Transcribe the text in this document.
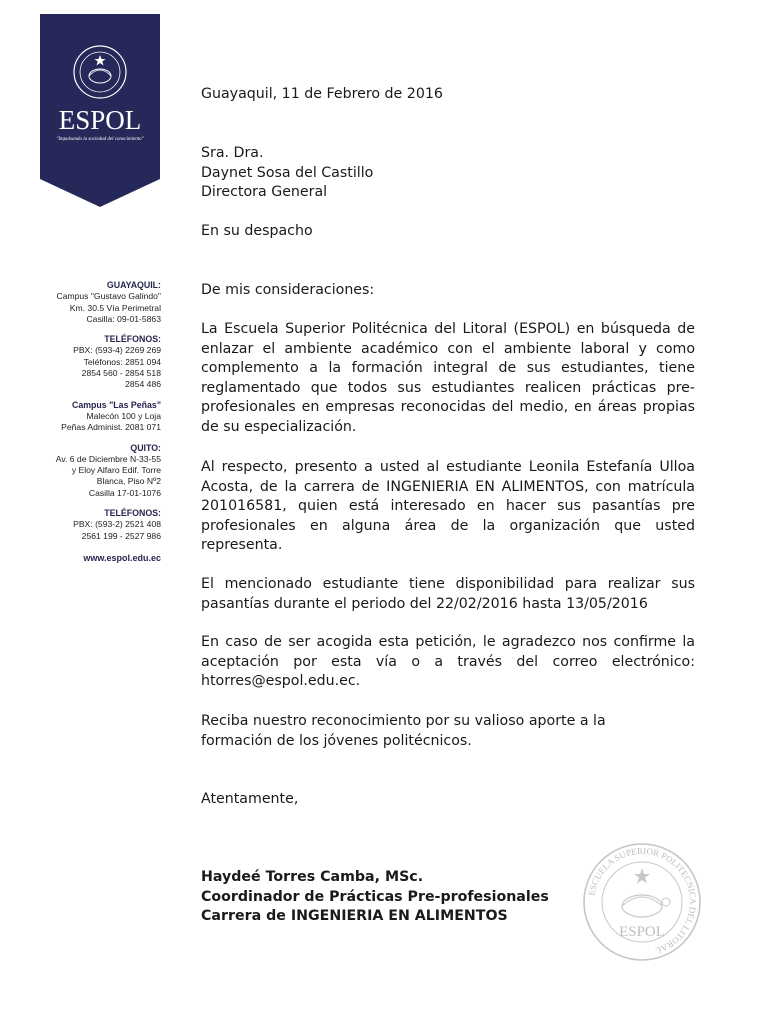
ESPOL
"Impulsando la sociedad del conocimiento"
GUAYAQUIL:
Campus "Gustavo Galindo"
Km. 30.5 Vía Perimetral
Casilla: 09-01-5863
TELÉFONOS:
PBX: (593-4) 2269 269
Teléfonos: 2851 094
2854 560 - 2854 518
2854 486
Campus "Las Peñas"
Malecón 100 y Loja
Peñas Administ. 2081 071
QUITO:
Av. 6 de Diciembre N-33-55
y Eloy Alfaro Edif. Torre
Blanca, Piso Nº2
Casilla 17-01-1076
TELÉFONOS:
PBX: (593-2) 2521 408
2561 199 - 2527 986
www.espol.edu.ec

Guayaquil, 11 de Febrero de 2016

Sra. Dra.

Daynet Sosa del Castillo

Directora General

En su despacho

De mis consideraciones:

La Escuela Superior Politécnica del Litoral (ESPOL) en búsqueda de enlazar el ambiente académico con el ambiente laboral y como complemento a la formación integral de sus estudiantes, tiene reglamentado que todos sus estudiantes realicen prácticas pre-profesionales en empresas reconocidas del medio, en áreas propias de su especialización.

Al respecto, presento a usted al estudiante Leonila Estefanía Ulloa Acosta, de la carrera de INGENIERIA EN ALIMENTOS, con matrícula 201016581, quien está interesado en hacer sus pasantías pre profesionales en alguna área de la organización que usted representa.

El mencionado estudiante tiene disponibilidad para realizar sus pasantías durante el periodo del 22/02/2016 hasta 13/05/2016

En caso de ser acogida esta petición, le agradezco nos confirme la aceptación por esta vía o a través del correo electrónico: htorres@espol.edu.ec.

Reciba nuestro reconocimiento por su valioso aporte a la formación de los jóvenes politécnicos.

Atentamente,

Haydeé Torres Camba, MSc.

Coordinador de Prácticas Pre-profesionales

Carrera de INGENIERIA EN ALIMENTOS

ESCUELA SUPERIOR POLITECNICA DEL LITORAL
ESPOL
